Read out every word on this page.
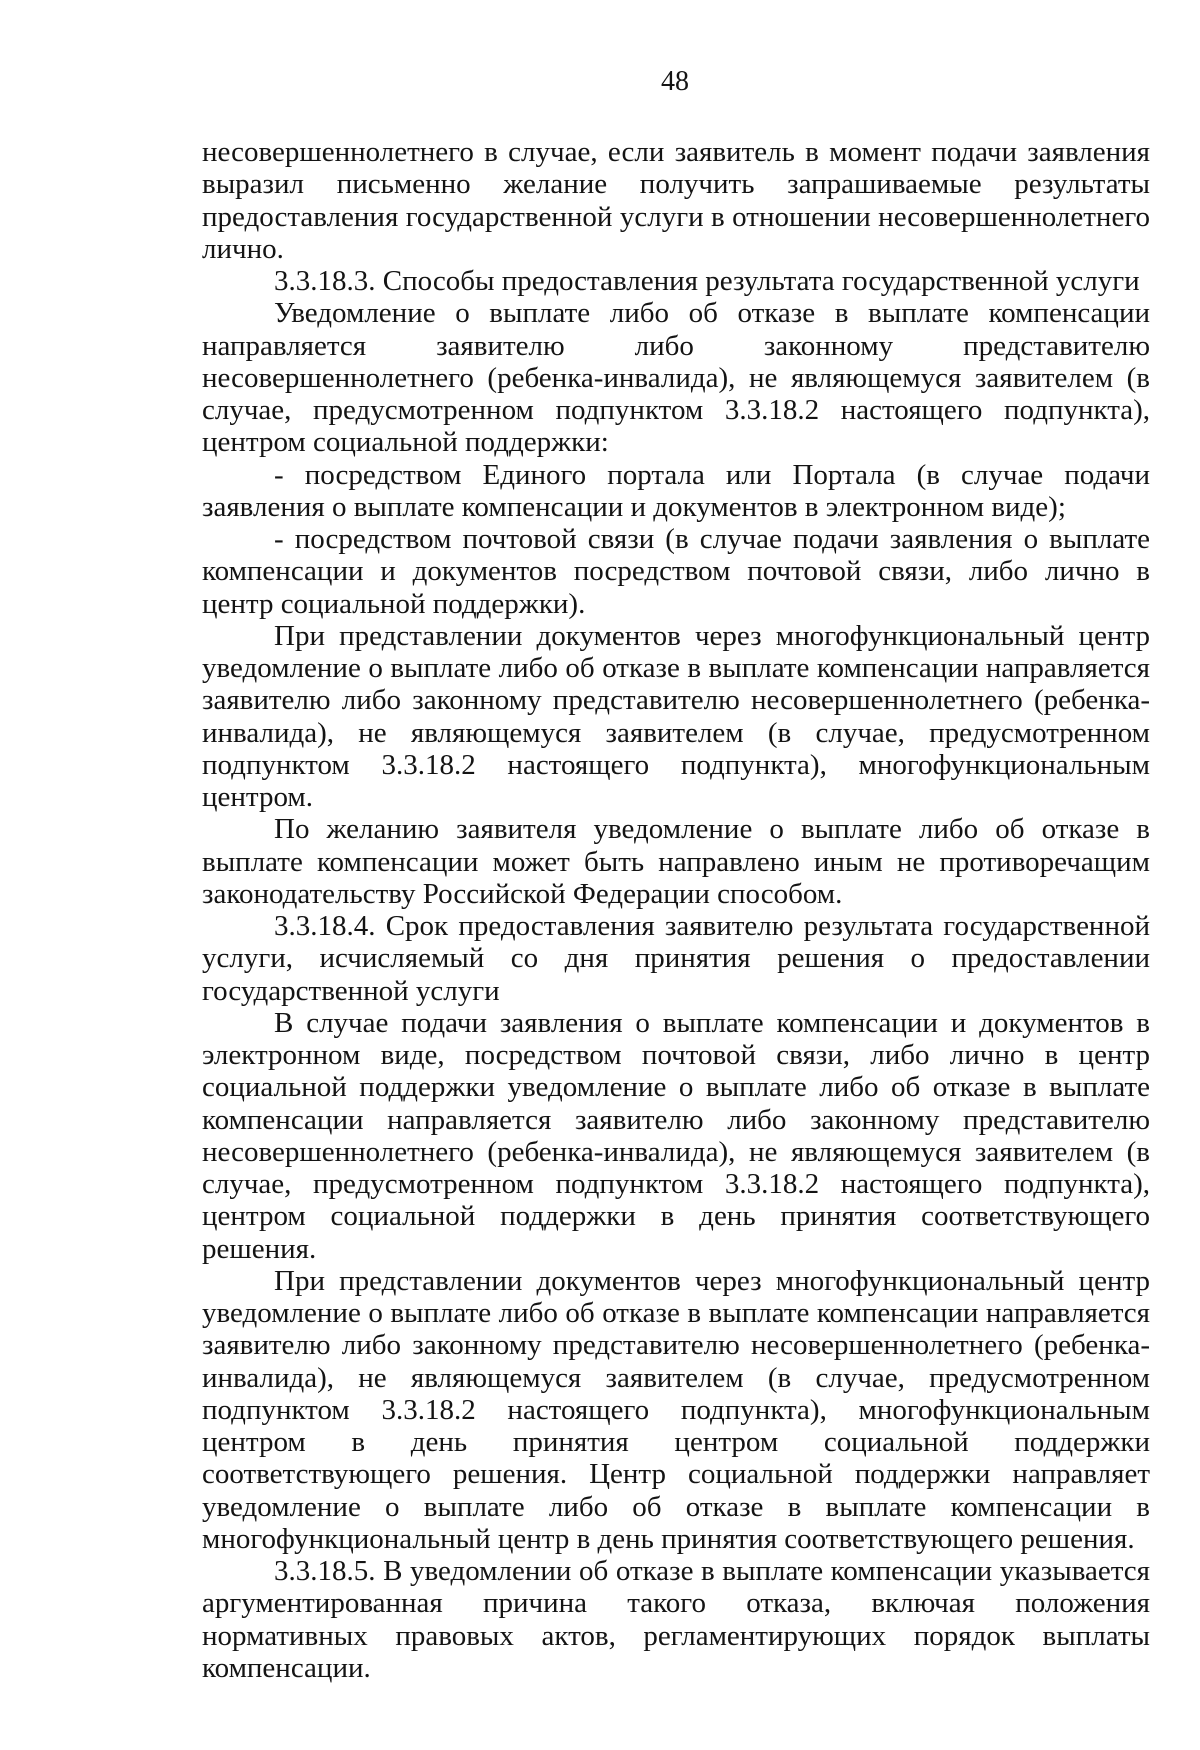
48

несовершеннолетнего в случае, если заявитель в момент подачи заявления выразил письменно желание получить запрашиваемые результаты предоставления государственной услуги в отношении несовершеннолетнего лично.

3.3.18.3. Способы предоставления результата государственной услуги

Уведомление о выплате либо об отказе в выплате компенсации направляется заявителю либо законному представителю несовершеннолетнего (ребенка-инвалида), не являющемуся заявителем (в случае, предусмотренном подпунктом 3.3.18.2 настоящего подпункта), центром социальной поддержки:

- посредством Единого портала или Портала (в случае подачи заявления о выплате компенсации и документов в электронном виде);

- посредством почтовой связи (в случае подачи заявления о выплате компенсации и документов посредством почтовой связи, либо лично в центр социальной поддержки).

При представлении документов через многофункциональный центр уведомление о выплате либо об отказе в выплате компенсации направляется заявителю либо законному представителю несовершеннолетнего (ребенка-инвалида), не являющемуся заявителем (в случае, предусмотренном подпунктом 3.3.18.2 настоящего подпункта), многофункциональным центром.

По желанию заявителя уведомление о выплате либо об отказе в выплате компенсации может быть направлено иным не противоречащим законодательству Российской Федерации способом.

3.3.18.4. Срок предоставления заявителю результата государственной услуги, исчисляемый со дня принятия решения о предоставлении государственной услуги

В случае подачи заявления о выплате компенсации и документов в электронном виде, посредством почтовой связи, либо лично в центр социальной поддержки уведомление о выплате либо об отказе в выплате компенсации направляется заявителю либо законному представителю несовершеннолетнего (ребенка-инвалида), не являющемуся заявителем (в случае, предусмотренном подпунктом 3.3.18.2 настоящего подпункта), центром социальной поддержки в день принятия соответствующего решения.

При представлении документов через многофункциональный центр уведомление о выплате либо об отказе в выплате компенсации направляется заявителю либо законному представителю несовершеннолетнего (ребенка-инвалида), не являющемуся заявителем (в случае, предусмотренном подпунктом 3.3.18.2 настоящего подпункта), многофункциональным центром в день принятия центром социальной поддержки соответствующего решения. Центр социальной поддержки направляет уведомление о выплате либо об отказе в выплате компенсации в многофункциональный центр в день принятия соответствующего решения.

3.3.18.5. В уведомлении об отказе в выплате компенсации указывается аргументированная причина такого отказа, включая положения нормативных правовых актов, регламентирующих порядок выплаты компенсации.
